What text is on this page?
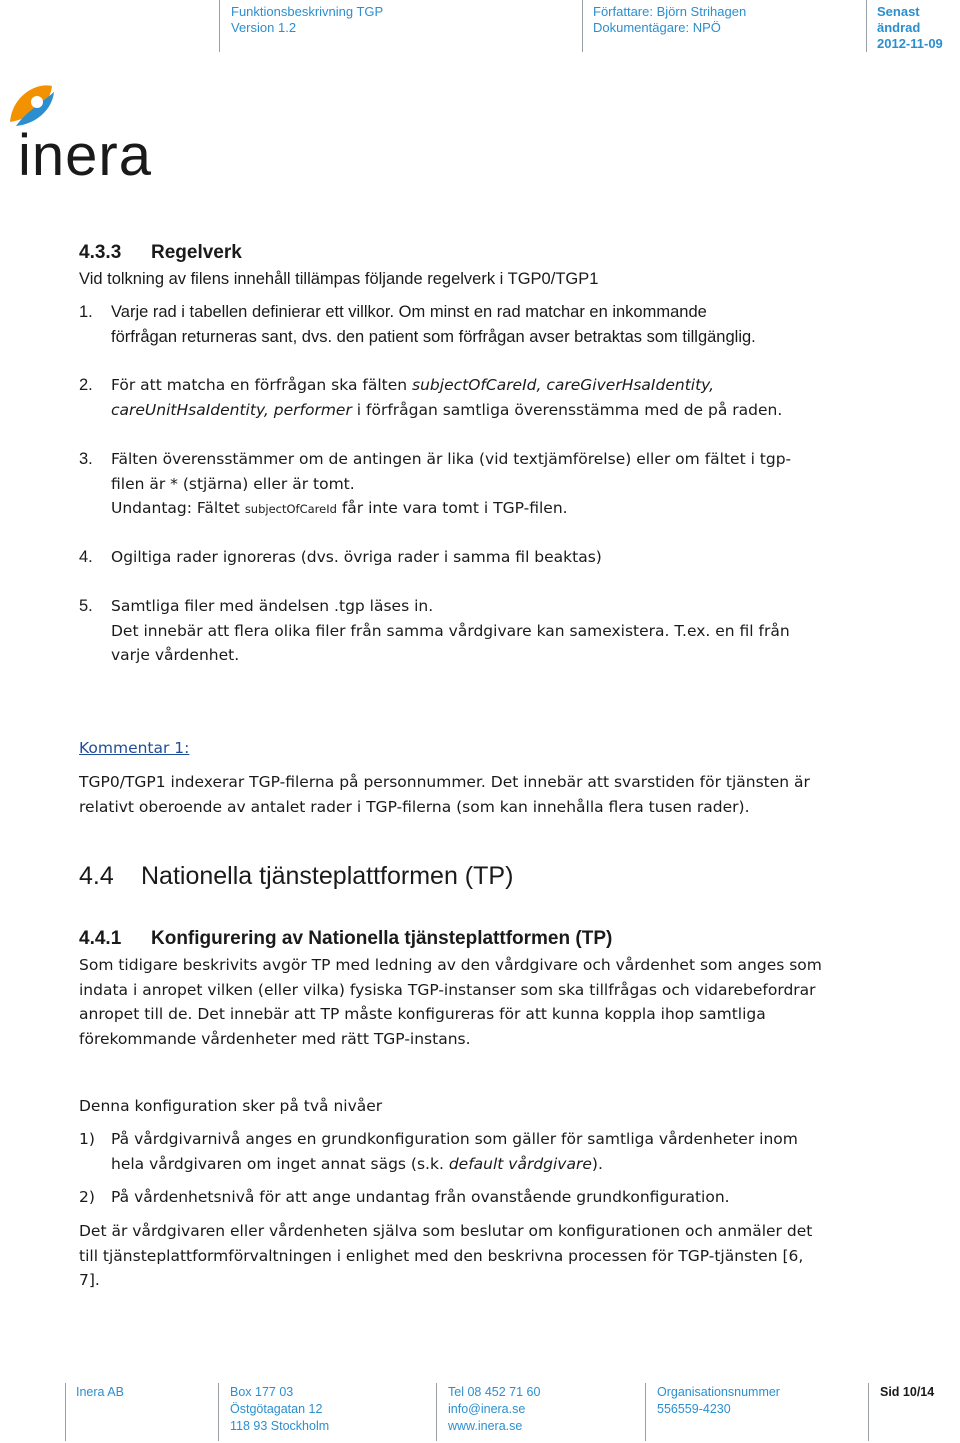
Funktionsbeskrivning TGP
Version 1.2
Författare: Björn Strihagen
Dokumentägare: NPÖ
Senast ändrad
2012-11-09
inera
4.3.3 Regelverk
Vid tolkning av filens innehåll tillämpas följande regelverk i TGP0/TGP1
1. Varje rad i tabellen definierar ett villkor. Om minst en rad matchar en inkommande
förfrågan returneras sant, dvs. den patient som förfrågan avser betraktas som tillgänglig.
2. För att matcha en förfrågan ska fälten subjectOfCareId, careGiverHsaIdentity,
careUnitHsaIdentity, performer i förfrågan samtliga överensstämma med de på raden.
3. Fälten överensstämmer om de antingen är lika (vid textjämförelse) eller om fältet i tgp-
filen är * (stjärna) eller är tomt.
Undantag: Fältet subjectOfCareId får inte vara tomt i TGP-filen.
4. Ogiltiga rader ignoreras (dvs. övriga rader i samma fil beaktas)
5. Samtliga filer med ändelsen .tgp läses in.
Det innebär att flera olika filer från samma vårdgivare kan samexistera. T.ex. en fil från
varje vårdenhet.
Kommentar 1:
TGP0/TGP1 indexerar TGP-filerna på personnummer. Det innebär att svarstiden för tjänsten är
relativt oberoende av antalet rader i TGP-filerna (som kan innehålla flera tusen rader).
4.4 Nationella tjänsteplattformen (TP)
4.4.1 Konfigurering av Nationella tjänsteplattformen (TP)
Som tidigare beskrivits avgör TP med ledning av den vårdgivare och vårdenhet som anges som
indata i anropet vilken (eller vilka) fysiska TGP-instanser som ska tillfrågas och vidarebefordrar
anropet till de. Det innebär att TP måste konfigureras för att kunna koppla ihop samtliga
förekommande vårdenheter med rätt TGP-instans.
Denna konfiguration sker på två nivåer
1) På vårdgivarnivå anges en grundkonfiguration som gäller för samtliga vårdenheter inom
hela vårdgivaren om inget annat sägs (s.k. default vårdgivare).
2) På vårdenhetsnivå för att ange undantag från ovanstående grundkonfiguration.
Det är vårdgivaren eller vårdenheten själva som beslutar om konfigurationen och anmäler det
till tjänsteplattformförvaltningen i enlighet med den beskrivna processen för TGP-tjänsten [6,
7].
Inera AB	Box 177 03
Östgötagatan 12
118 93 Stockholm
Tel 08 452 71 60
info@inera.se
www.inera.se
Organisationsnummer
556559-4230
Sid 10/14
